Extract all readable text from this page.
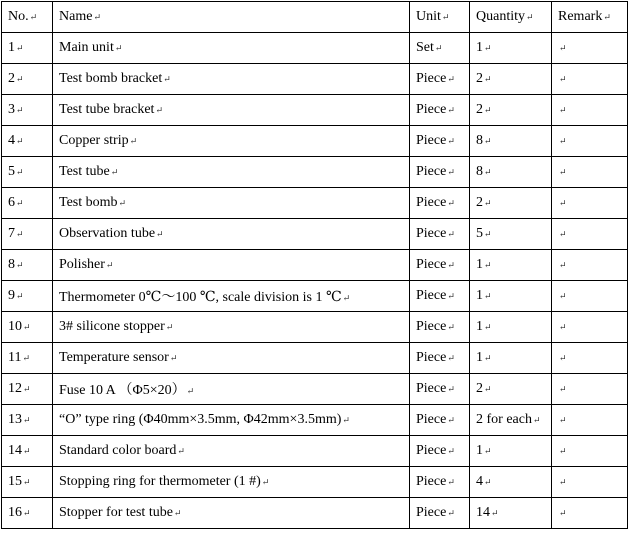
No.↵	Name↵	Unit↵	Quantity↵	Remark↵
1↵	Main unit↵	Set↵	1↵	↵
2↵	Test bomb bracket↵	Piece↵	2↵	↵
3↵	Test tube bracket↵	Piece↵	2↵	↵
4↵	Copper strip↵	Piece↵	8↵	↵
5↵	Test tube↵	Piece↵	8↵	↵
6↵	Test bomb↵	Piece↵	2↵	↵
7↵	Observation tube↵	Piece↵	5↵	↵
8↵	Polisher↵	Piece↵	1↵	↵
9↵	Thermometer 0℃～100 ℃, scale division is 1 ℃↵	Piece↵	1↵	↵
10↵	3# silicone stopper↵	Piece↵	1↵	↵
11↵	Temperature sensor↵	Piece↵	1↵	↵
12↵	Fuse 10 A （Φ5×20）↵	Piece↵	2↵	↵
13↵	“O” type ring (Φ40mm×3.5mm, Φ42mm×3.5mm)↵	Piece↵	2 for each↵	↵
14↵	Standard color board↵	Piece↵	1↵	↵
15↵	Stopping ring for thermometer (1 #)↵	Piece↵	4↵	↵
16↵	Stopper for test tube↵	Piece↵	14↵	↵
